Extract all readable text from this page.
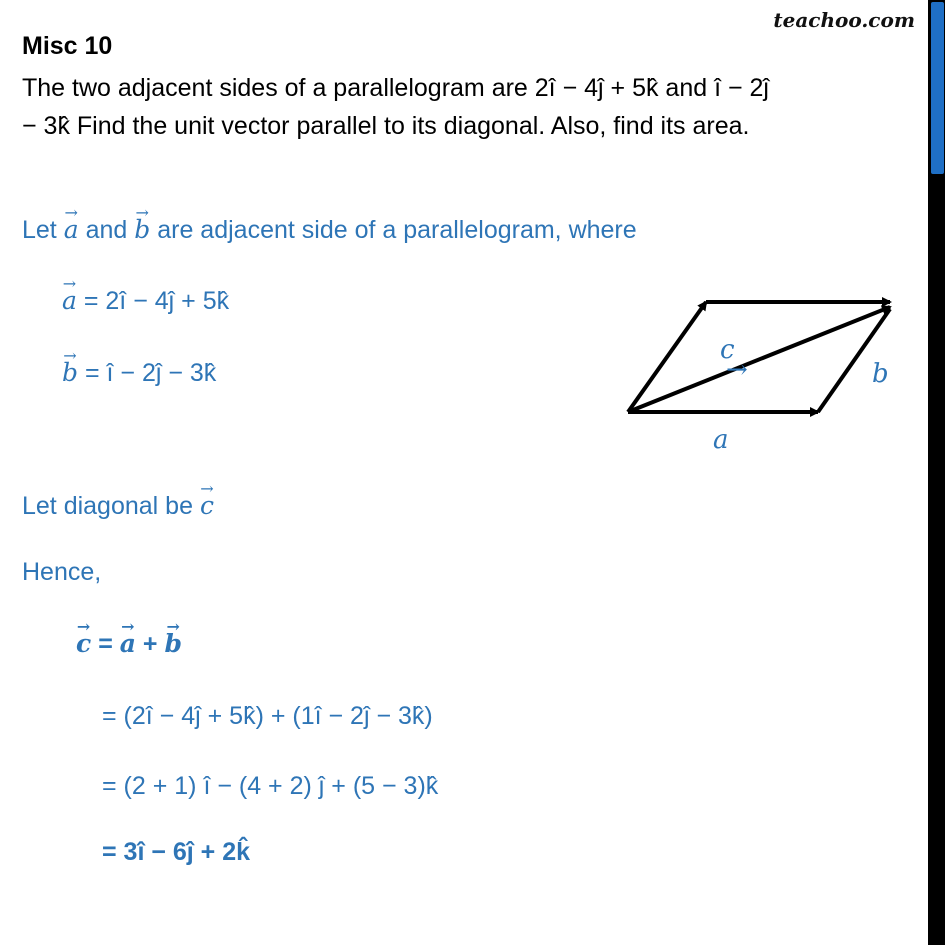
teachoo.com
Misc 10
The two adjacent sides of a parallelogram are 2î − 4ĵ + 5k̂ and î − 2ĵ
− 3k̂ Find the unit vector parallel to its diagonal. Also, find its area.
Let a → and b → are adjacent side of a parallelogram, where
a → = 2î − 4ĵ + 5k̂
b → = î − 2ĵ − 3k̂
c
→	b
a
Let diagonal be c →
Hence,
c → = a → + b →
= (2î − 4ĵ + 5k̂) + (1î − 2ĵ − 3k̂)
= (2 + 1) î − (4 + 2) ĵ + (5 − 3)k̂
= 3î − 6ĵ + 2k̂
